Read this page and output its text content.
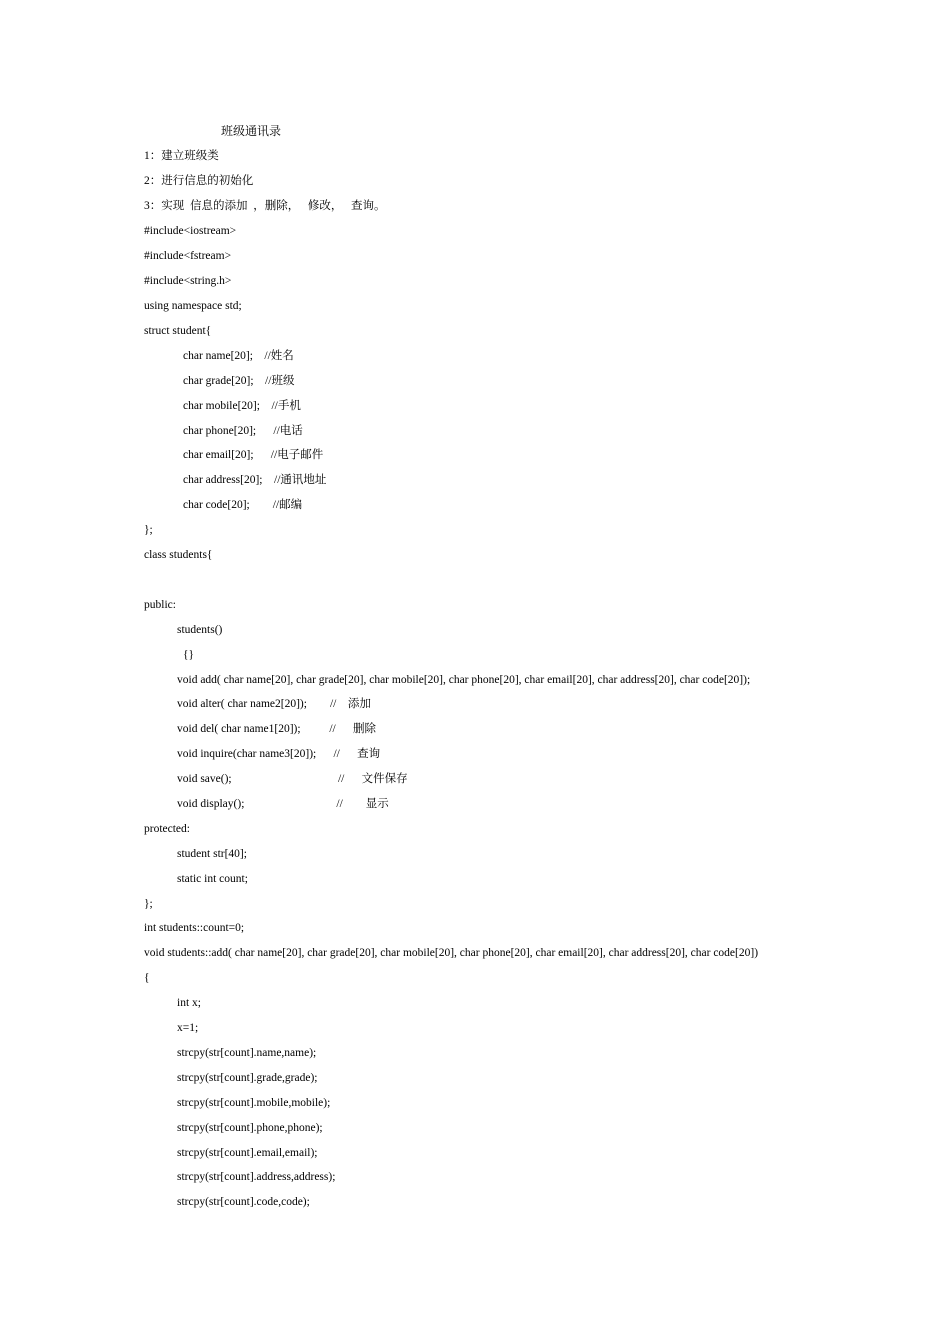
班级通讯录
1：建立班级类
2：进行信息的初始化
3：实现  信息的添加  ，删除，   修改，   查询。
#include<iostream>
#include<fstream>
#include<string.h>
using namespace std;
struct student{
char name[20];    //姓名
char grade[20];    //班级
char mobile[20];    //手机
char phone[20];      //电话
char email[20];      //电子邮件
char address[20];    //通讯地址
char code[20];        //邮编
};
class students{
public:
students()
{}
void add( char name[20], char grade[20], char mobile[20], char phone[20], char email[20], char address[20], char code[20]);
void alter( char name2[20]);        //    添加
void del( char name1[20]);          //      删除
void inquire(char name3[20]);      //      查询
void save();                                     //      文件保存
void display();                                //        显示
protected:
student str[40];
static int count;
};
int students::count=0;
void students::add( char name[20], char grade[20], char mobile[20], char phone[20], char email[20], char address[20], char code[20])
{
int x;
x=1;
strcpy(str[count].name,name);
strcpy(str[count].grade,grade);
strcpy(str[count].mobile,mobile);
strcpy(str[count].phone,phone);
strcpy(str[count].email,email);
strcpy(str[count].address,address);
strcpy(str[count].code,code);
